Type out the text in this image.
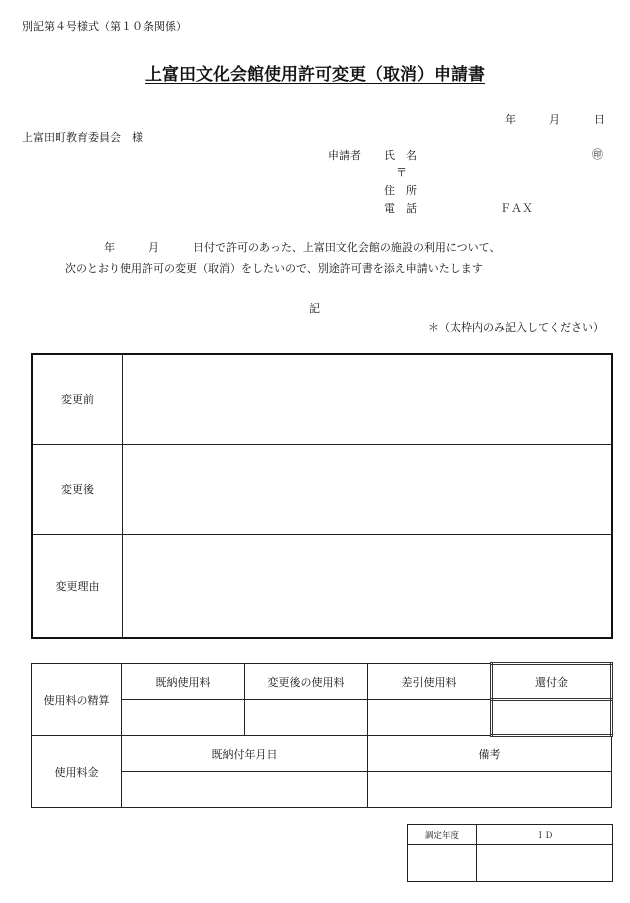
別記第４号様式（第１０条関係）
上富田文化会館使用許可変更（取消）申請書
年	月	日
上富田町教育委員会　様
申請者 氏　名	㊞
〒
住　所
電　話	ＦＡＸ
年	月	日付で許可のあった、上富田文化会館の施設の利用について、
次のとおり使用許可の変更（取消）をしたいので、別途許可書を添え申請いたします
記
＊（太枠内のみ記入してください）
変更前	
変更後	
変更理由	
使用料の精算	既納使用料	変更後の使用料	差引使用料	還付金

使用料金	既納付年月日		備考	

調定年度	ＩＤ
